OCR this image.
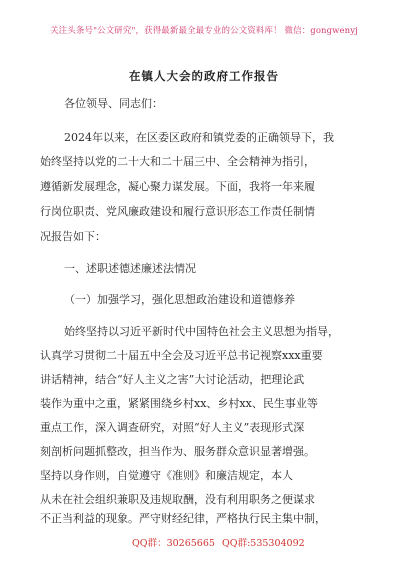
关注头条号"公文研究"，获得最新最全最专业的公文资料库！ 微信：gongwenyj
在镇人大会的政府工作报告
各位领导、同志们：
2024年以来，在区委区政府和镇党委的正确领导下，我
始终坚持以党的二十大和二十届三中、全会精神为指引，
遵循新发展理念，凝心聚力谋发展。下面，我将一年来履
行岗位职责、党风廉政建设和履行意识形态工作责任制情
况报告如下：
一、述职述德述廉述法情况
（一）加强学习，强化思想政治建设和道德修养
始终坚持以习近平新时代中国特色社会主义思想为指导，
认真学习贯彻二十届五中全会及习近平总书记视察xxx重要
讲话精神，结合“好人主义之害”大讨论活动，把理论武
装作为重中之重，紧紧围绕乡村xx、乡村xx、民生事业等
重点工作，深入调查研究，对照“好人主义”表现形式深
刻剖析问题抓整改，担当作为、服务群众意识显著增强。
坚持以身作则，自觉遵守《准则》和廉洁规定，本人
从未在社会组织兼职及违规取酬，没有利用职务之便谋求
不正当利益的现象。严守财经纪律，严格执行民主集中制，
QQ群：30265665 QQ群:535304092
